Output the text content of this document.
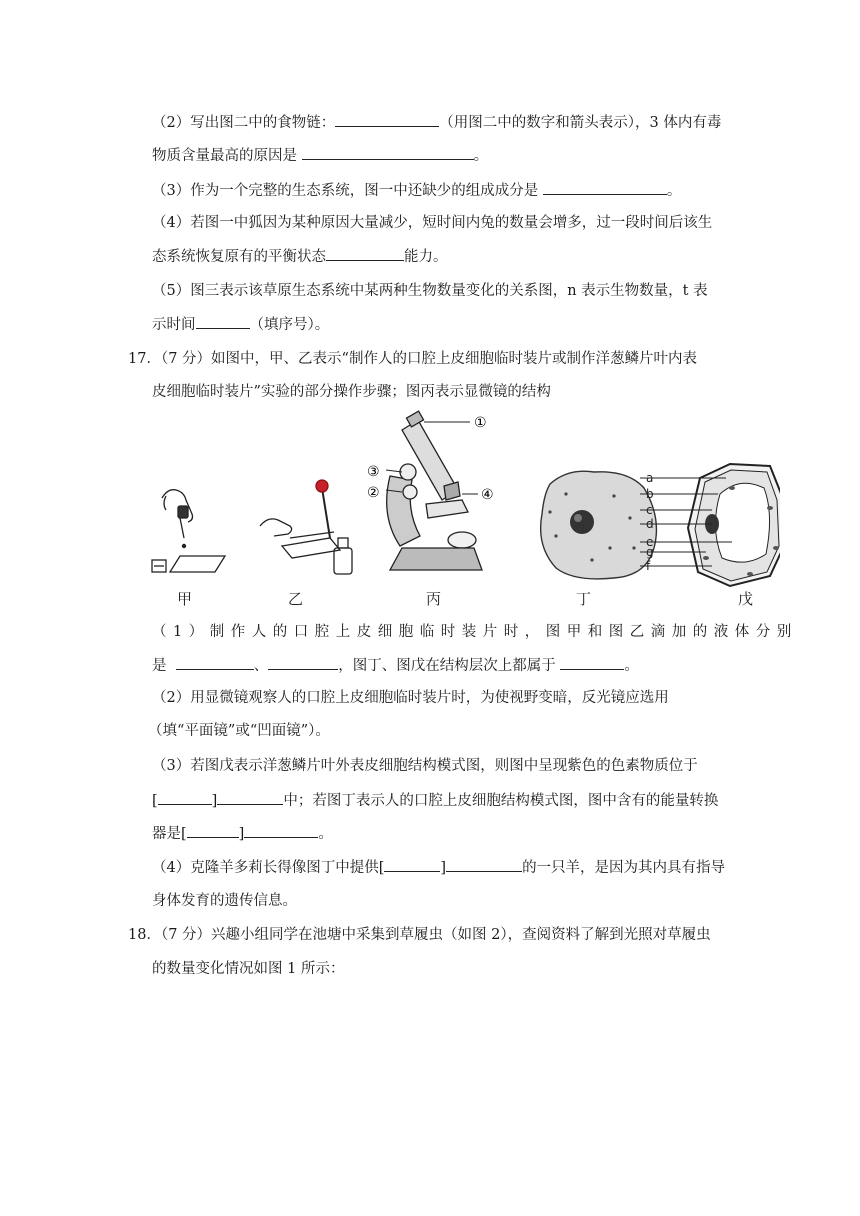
（2）写出图二中的食物链：	（用图二中的数字和箭头表示），3 体内有毒
物质含量最高的原因是	。
（3）作为一个完整的生态系统，图一中还缺少的组成成分是	。
（4）若图一中狐因为某种原因大量减少，短时间内兔的数量会增多，过一段时间后该生
态系统恢复原有的平衡状态	能力。
（5）图三表示该草原生态系统中某两种生物数量变化的关系图，n 表示生物数量，t 表
示时间	（填序号）。
17．（7 分）如图中，甲、乙表示“制作人的口腔上皮细胞临时装片或制作洋葱鳞片叶内表
皮细胞临时装片”实验的部分操作步骤；图丙表示显微镜的结构
①
②
③
④
a
b
c
d
e
g
f
甲	乙	丙	丁	戊
（1）制作人的口腔上皮细胞临时装片时，图甲和图乙滴加的液体分别
是	、	，图丁、图戊在结构层次上都属于	。
（2）用显微镜观察人的口腔上皮细胞临时装片时，为使视野变暗，反光镜应选用
（填“平面镜”或“凹面镜”）。
（3）若图戊表示洋葱鳞片叶外表皮细胞结构模式图，则图中呈现紫色的色素物质位于
[	]	中；若图丁表示人的口腔上皮细胞结构模式图，图中含有的能量转换
器是[	]	。
（4）克隆羊多莉长得像图丁中提供[	]	的一只羊，是因为其内具有指导
身体发育的遗传信息。
18．（7 分）兴趣小组同学在池塘中采集到草履虫（如图 2），查阅资料了解到光照对草履虫
的数量变化情况如图 1 所示：
